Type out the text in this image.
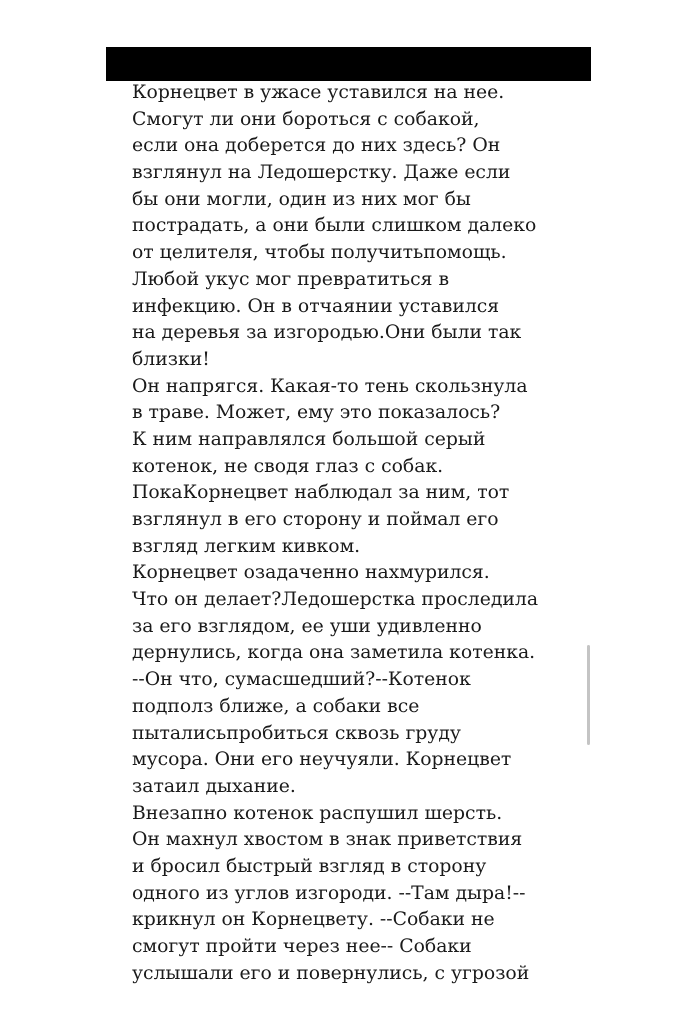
Корнецвет в ужасе уставился на нее.
Смогут ли они бороться с собакой,
если она доберется до них здесь? Он
взглянул на Ледошерстку. Даже если
бы они могли, один из них мог бы
пострадать, а они были слишком далеко
от целителя, чтобы получитьпомощь.
Любой укус мог превратиться в
инфекцию. Он в отчаянии уставился
на деревья за изгородью.Они были так
близки!
Он напрягся. Какая-то тень скользнула
в траве. Может, ему это показалось?
К ним направлялся большой серый
котенок, не сводя глаз с собак.
ПокаКорнецвет наблюдал за ним, тот
взглянул в его сторону и поймал его
взгляд легким кивком.
Корнецвет озадаченно нахмурился.
Что он делает?Ледошерстка проследила
за его взглядом, ее уши удивленно
дернулись, когда она заметила котенка.
--Он что, сумасшедший?--Котенок
подполз ближе, а собаки все
пыталисьпробиться сквозь груду
мусора. Они его неучуяли. Корнецвет
затаил дыхание.
Внезапно котенок распушил шерсть.
Он махнул хвостом в знак приветствия
и бросил быстрый взгляд в сторону
одного из углов изгороди. --Там дыра!--
крикнул он Корнецвету. --Собаки не
смогут пройти через нее-- Собаки
услышали его и повернулись, с угрозой
